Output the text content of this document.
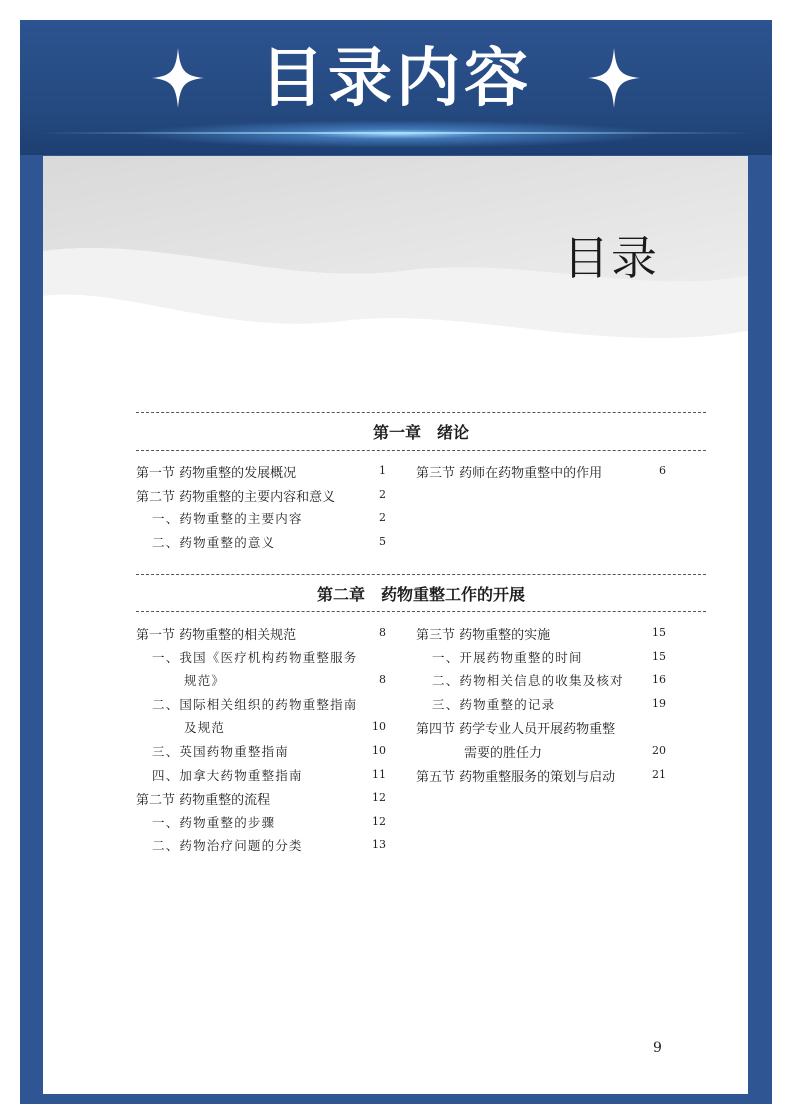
目录内容
目录
第一章　绪论
第一节 药物重整的发展概况	1
第二节 药物重整的主要内容和意义	2
一、药物重整的主要内容	2
二、药物重整的意义	5
第三节 药师在药物重整中的作用	6
第二章　药物重整工作的开展
第一节 药物重整的相关规范	8
一、我国《医疗机构药物重整服务
规范》	8
二、国际相关组织的药物重整指南
及规范	10
三、英国药物重整指南	10
四、加拿大药物重整指南	11
第二节 药物重整的流程	12
一、药物重整的步骤	12
二、药物治疗问题的分类	13
第三节 药物重整的实施	15
一、开展药物重整的时间	15
二、药物相关信息的收集及核对	16
三、药物重整的记录	19
第四节 药学专业人员开展药物重整
需要的胜任力	20
第五节 药物重整服务的策划与启动	21
9
